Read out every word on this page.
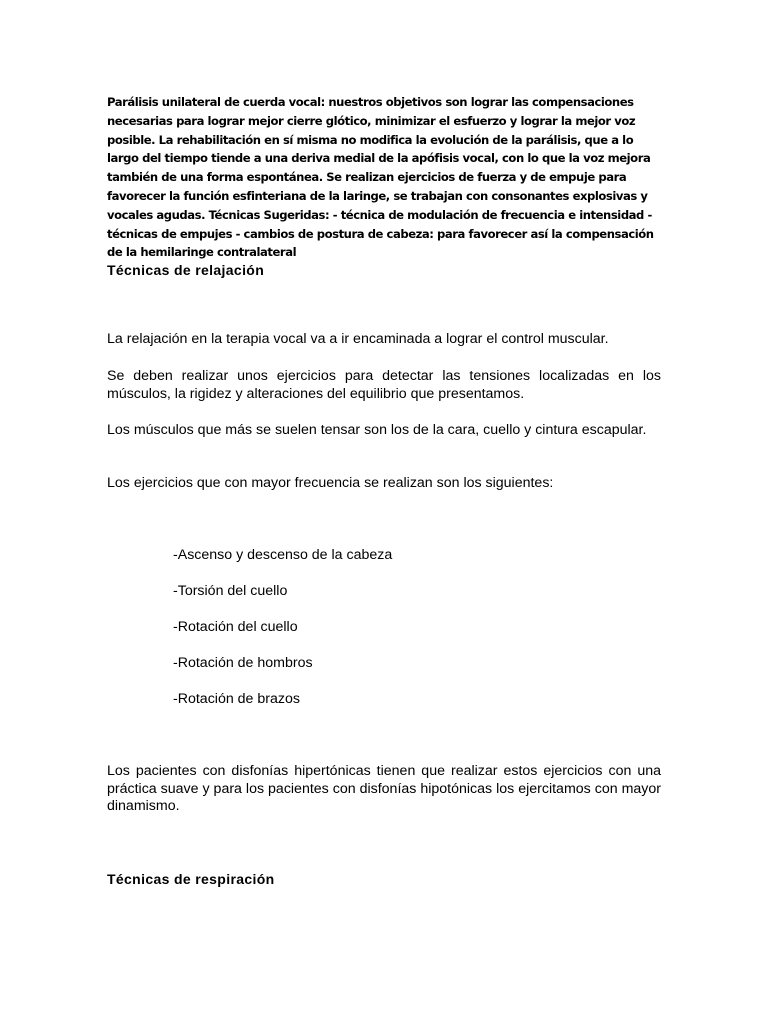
Parálisis unilateral de cuerda vocal: nuestros objetivos son lograr las compensaciones necesarias para lograr mejor cierre glótico, minimizar el esfuerzo y lograr la mejor voz posible. La rehabilitación en sí misma no modifica la evolución de la parálisis, que a lo largo del tiempo tiende a una deriva medial de la apófisis vocal, con lo que la voz mejora también de una forma espontánea. Se realizan ejercicios de fuerza y de empuje para favorecer la función esfinteriana de la laringe, se trabajan con consonantes explosivas y vocales agudas. Técnicas Sugeridas: - técnica de modulación de frecuencia e intensidad - técnicas de empujes - cambios de postura de cabeza: para favorecer así la compensación de la hemilaringe contralateral

Técnicas de relajación

La relajación en la terapia vocal va a ir encaminada a lograr el control muscular.

Se deben realizar unos ejercicios para detectar las tensiones localizadas en los músculos, la rigidez y alteraciones del equilibrio que presentamos.

Los músculos que más se suelen tensar son los de la cara, cuello y cintura escapular.

Los ejercicios que con mayor frecuencia se realizan son los siguientes:

-Ascenso y descenso de la cabeza
-Torsión del cuello
-Rotación del cuello
-Rotación de hombros
-Rotación de brazos

Los pacientes con disfonías hipertónicas tienen que realizar estos ejercicios con una práctica suave y para los pacientes con disfonías hipotónicas los ejercitamos con mayor dinamismo.

Técnicas de respiración
